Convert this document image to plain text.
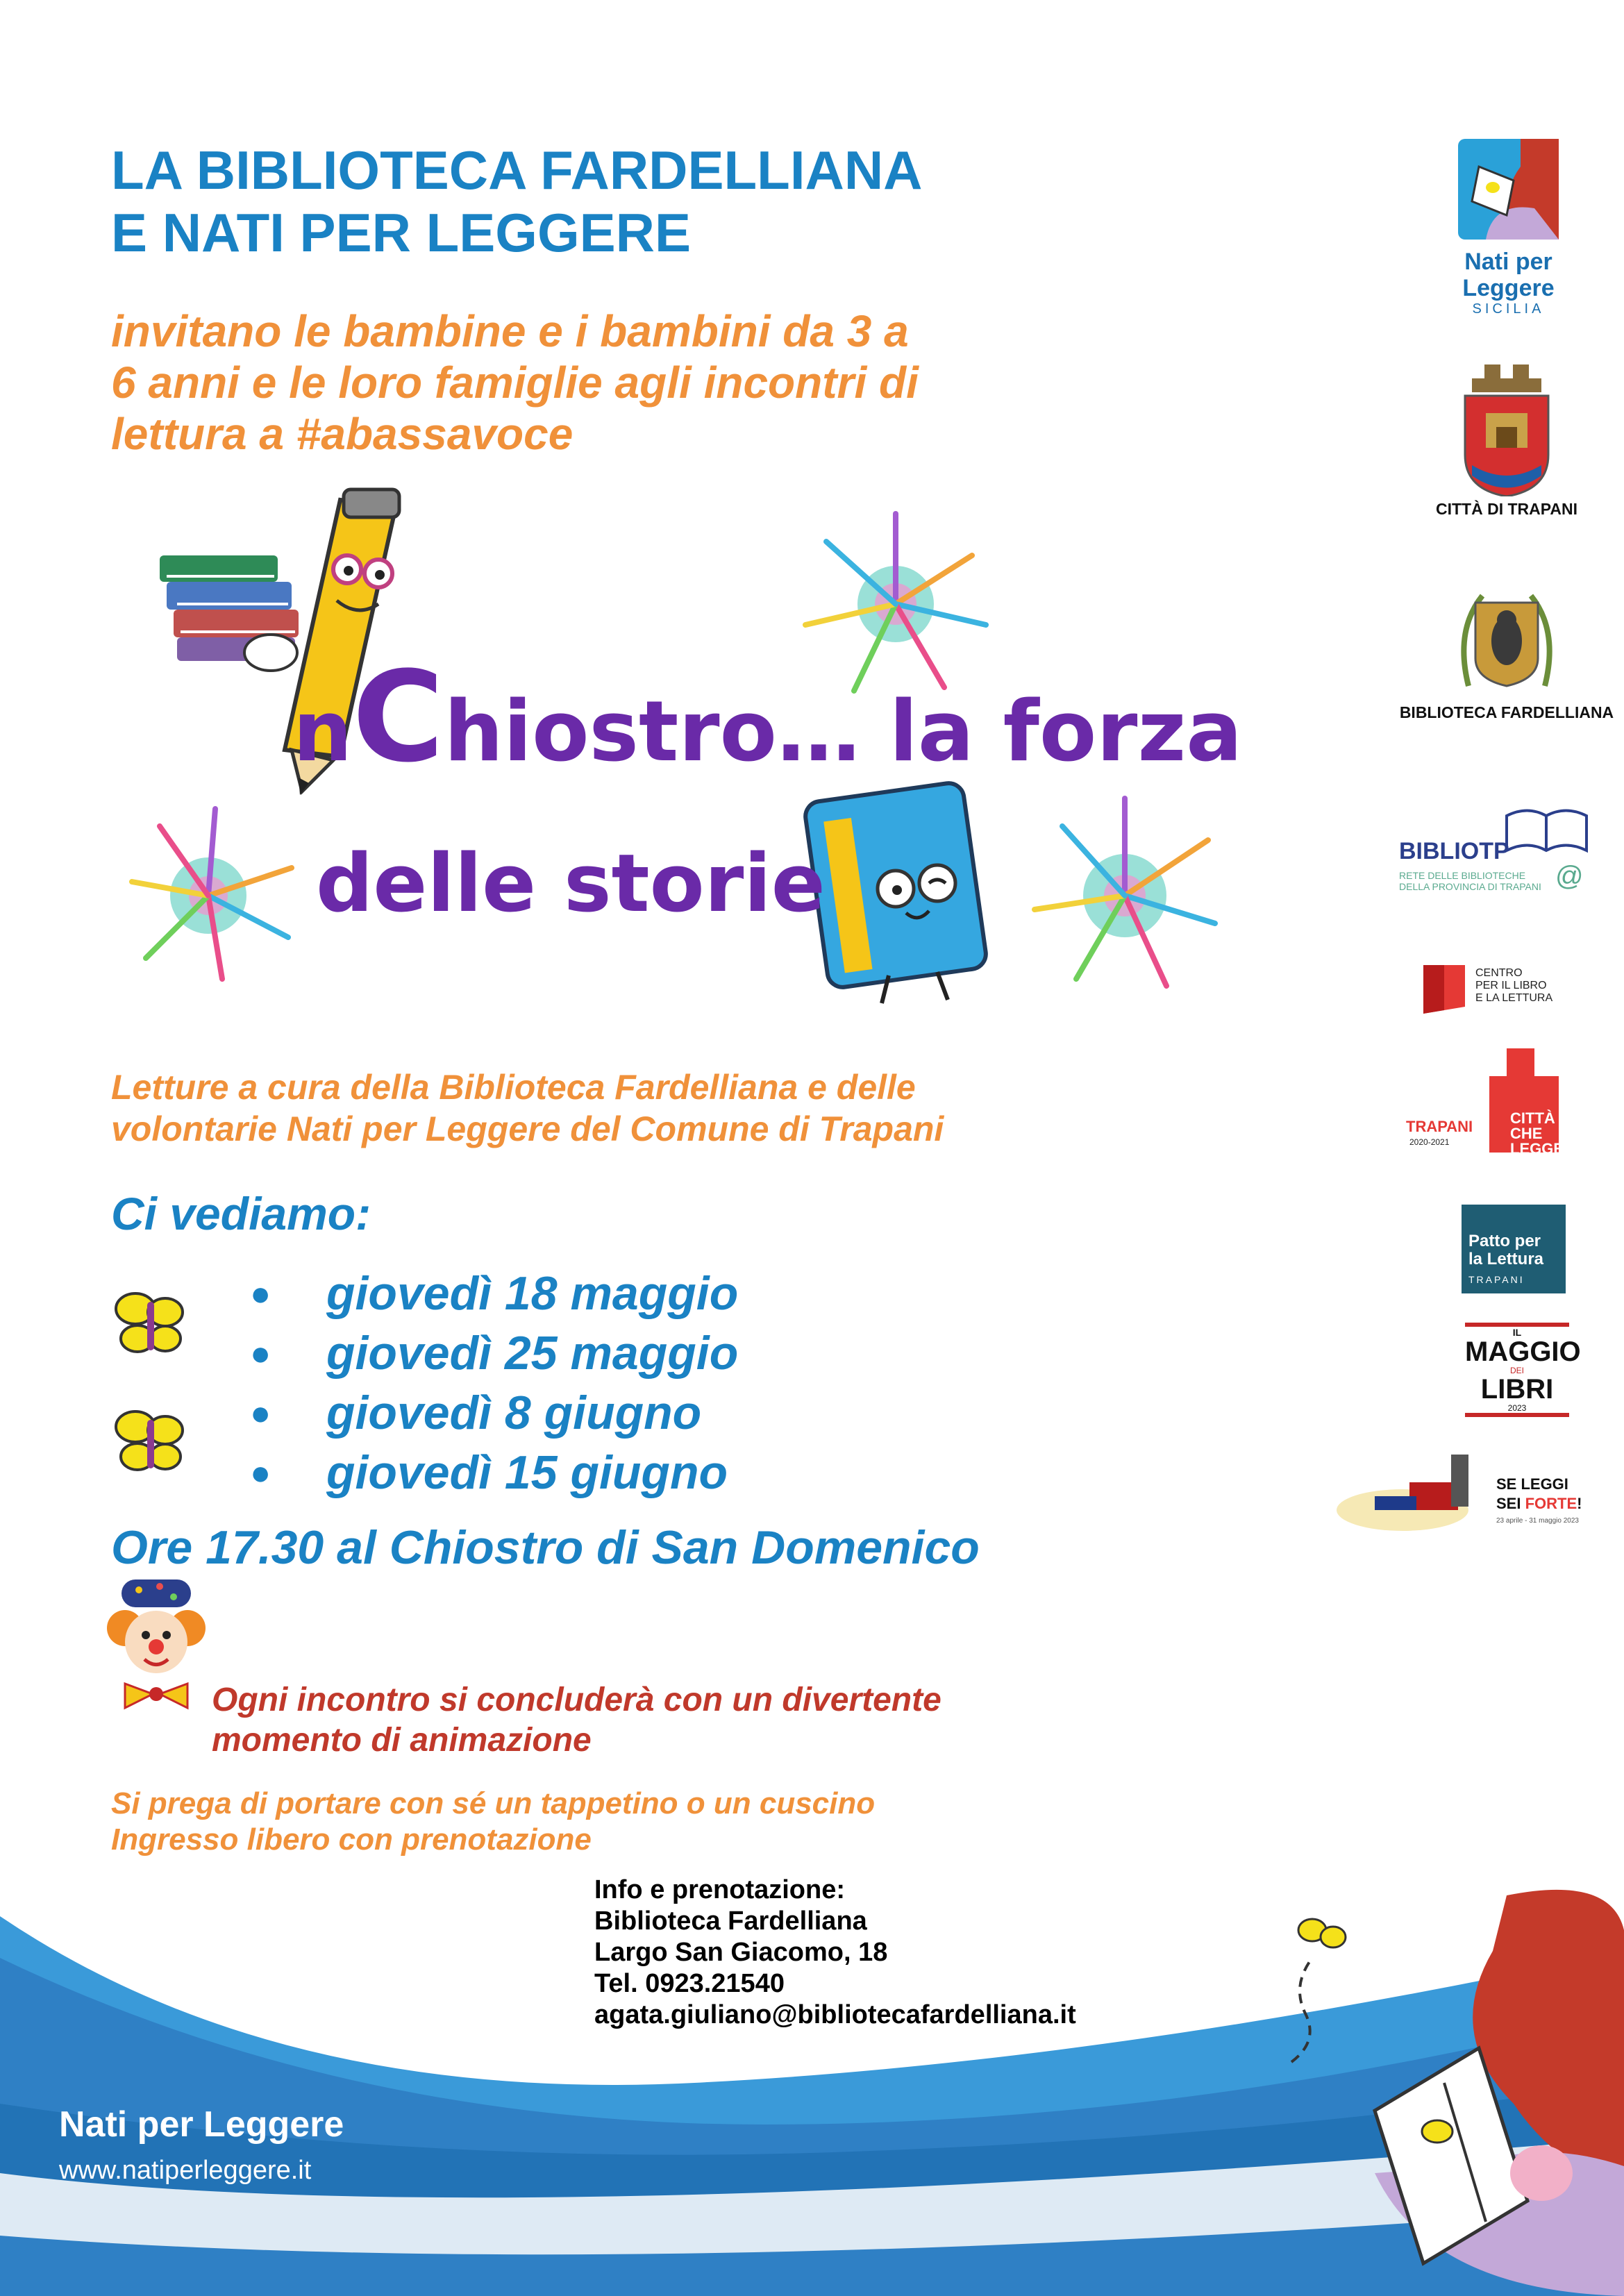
LA BIBLIOTECA FARDELLIANA
E NATI PER LEGGERE

invitano le bambine e i bambini da 3 a
6 anni e le loro famiglie agli incontri di
lettura a #abassavoce

nChiostro… la forza
delle storie
Letture a cura della Biblioteca Fardelliana e delle
volontarie Nati per Leggere del Comune di Trapani
Ci vediamo:
●	giovedì 18 maggio
●	giovedì 25 maggio
●	giovedì 8 giugno
●	giovedì 15 giugno
Ore 17.30 al Chiostro di San Domenico
Ogni incontro si concluderà con un divertente
momento di animazione
Si prega di portare con sé un tappetino o un cuscino
Ingresso libero con prenotazione
Info e prenotazione:
Biblioteca Fardelliana
Largo San Giacomo, 18
Tel. 0923.21540
agata.giuliano@bibliotecafardelliana.it
Nati per Leggere
www.natiperleggere.it
Nati per
Leggere
SICILIA
CITTÀ DI TRAPANI
BIBLIOTECA FARDELLIANA
BIBLIOTP
RETE DELLE BIBLIOTECHE
DELLA PROVINCIA DI TRAPANI @
CENTRO
PER IL LIBRO
E LA LETTURA
CITTÀ
CHE LEGGE
TRAPANI
2020-2021
Patto per
la Lettura
TRAPANI
IL
MAGGIO
DEI
LIBRI
2023
SE LEGGI
SEI FORTE!
23 aprile - 31 maggio 2023
